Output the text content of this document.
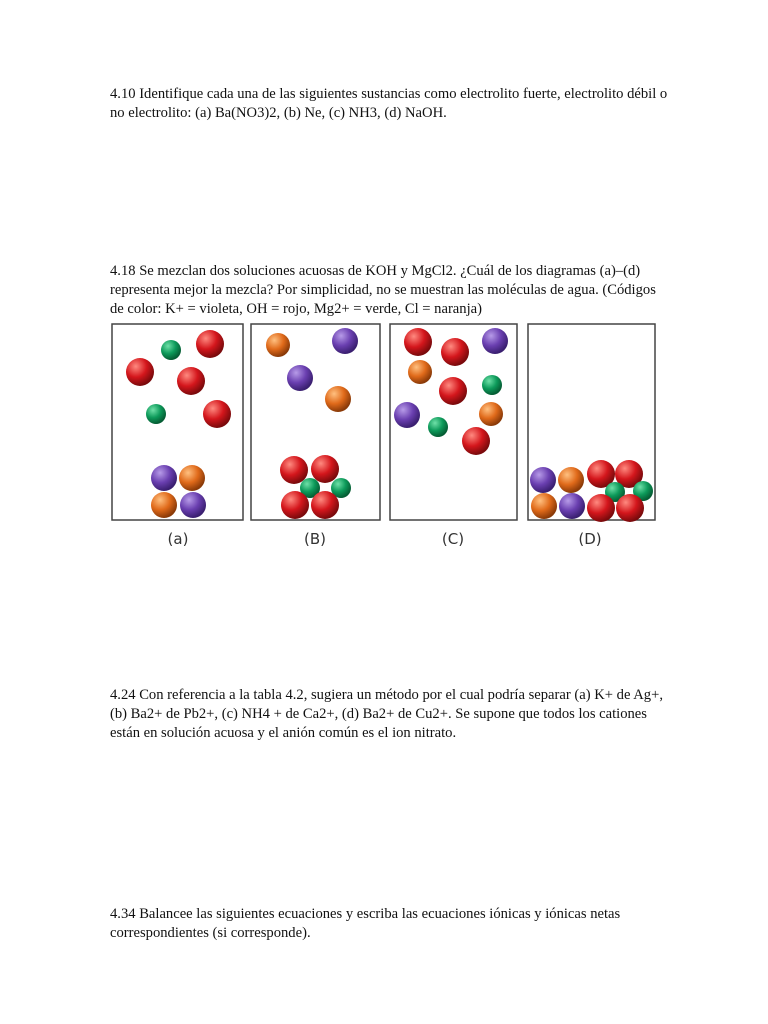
4.10 Identifique cada una de las siguientes sustancias como electrolito fuerte, electrolito débil o
no electrolito: (a) Ba(NO3)2, (b) Ne, (c) NH3, (d) NaOH.

4.18 Se mezclan dos soluciones acuosas de KOH y MgCl2. ¿Cuál de los diagramas (a)–(d)
representa mejor la mezcla? Por simplicidad, no se muestran las moléculas de agua. (Códigos
de color: K+ = violeta, OH = rojo, Mg2+ = verde, Cl = naranja)

(a)	(B)	(C)	(D)

4.24 Con referencia a la tabla 4.2, sugiera un método por el cual podría separar (a) K+ de Ag+,
(b) Ba2+ de Pb2+, (c) NH4 + de Ca2+, (d) Ba2+ de Cu2+. Se supone que todos los cationes
están en solución acuosa y el anión común es el ion nitrato.

4.34 Balancee las siguientes ecuaciones y escriba las ecuaciones iónicas y iónicas netas
correspondientes (si corresponde).
